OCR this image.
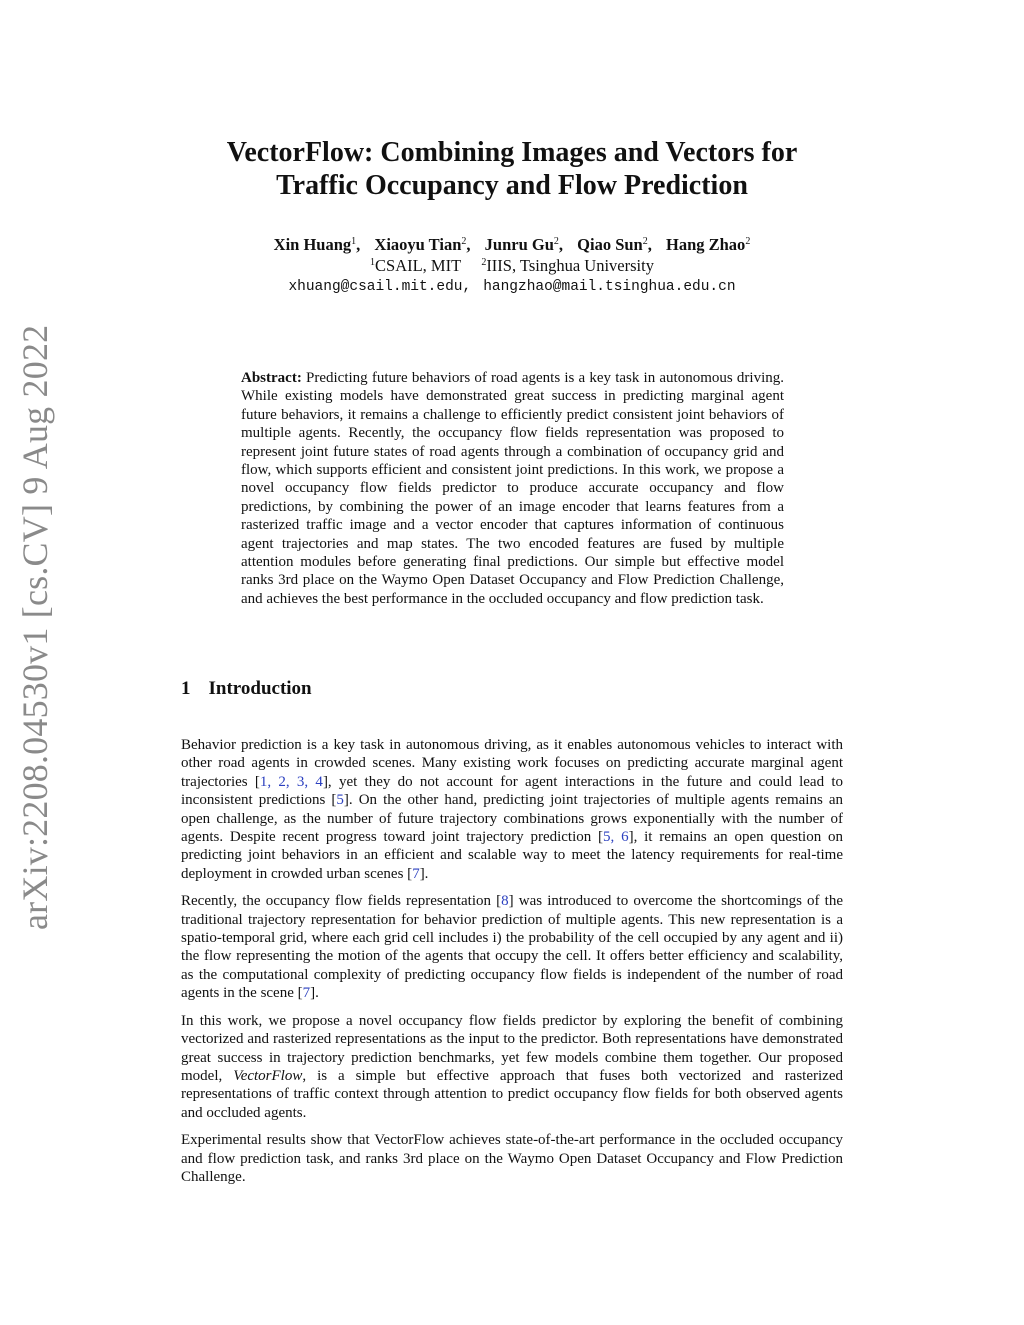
arXiv:2208.04530v1 [cs.CV] 9 Aug 2022
VectorFlow: Combining Images and Vectors for
Traffic Occupancy and Flow Prediction
Xin Huang$^1$, Xiaoyu Tian$^2$, Junru Gu$^2$, Qiao Sun$^2$, Hang Zhao$^2$
$^1$CSAIL, MIT $^2$IIIS, Tsinghua University
xhuang@csail.mit.edu, hangzhao@mail.tsinghua.edu.cn
Abstract: Predicting future behaviors of road agents is a key task in autonomous driving. While existing models have demonstrated great success in predicting marginal agent future behaviors, it remains a challenge to efficiently predict consistent joint behaviors of multiple agents. Recently, the occupancy flow fields representation was proposed to represent joint future states of road agents through a combination of occupancy grid and flow, which supports efficient and consistent joint predictions. In this work, we propose a novel occupancy flow fields predictor to produce accurate occupancy and flow predictions, by combining the power of an image encoder that learns features from a rasterized traffic image and a vector encoder that captures information of continuous agent trajectories and map states. The two encoded features are fused by multiple attention modules before generating final predictions. Our simple but effective model ranks 3rd place on the Waymo Open Dataset Occupancy and Flow Prediction Challenge, and achieves the best performance in the occluded occupancy and flow prediction task.
1 Introduction

Behavior prediction is a key task in autonomous driving, as it enables autonomous vehicles to interact with other road agents in crowded scenes. Many existing work focuses on predicting accurate marginal agent trajectories [1, 2, 3, 4], yet they do not account for agent interactions in the future and could lead to inconsistent predictions [5]. On the other hand, predicting joint trajectories of multiple agents remains an open challenge, as the number of future trajectory combinations grows exponentially with the number of agents. Despite recent progress toward joint trajectory prediction [5, 6], it remains an open question on predicting joint behaviors in an efficient and scalable way to meet the latency requirements for real-time deployment in crowded urban scenes [7].

Recently, the occupancy flow fields representation [8] was introduced to overcome the shortcomings of the traditional trajectory representation for behavior prediction of multiple agents. This new representation is a spatio-temporal grid, where each grid cell includes i) the probability of the cell occupied by any agent and ii) the flow representing the motion of the agents that occupy the cell. It offers better efficiency and scalability, as the computational complexity of predicting occupancy flow fields is independent of the number of road agents in the scene [7].

In this work, we propose a novel occupancy flow fields predictor by exploring the benefit of combining vectorized and rasterized representations as the input to the predictor. Both representations have demonstrated great success in trajectory prediction benchmarks, yet few models combine them together. Our proposed model, VectorFlow, is a simple but effective approach that fuses both vectorized and rasterized representations of traffic context through attention to predict occupancy flow fields for both observed agents and occluded agents.

Experimental results show that VectorFlow achieves state-of-the-art performance in the occluded occupancy and flow prediction task, and ranks 3rd place on the Waymo Open Dataset Occupancy and Flow Prediction Challenge.
